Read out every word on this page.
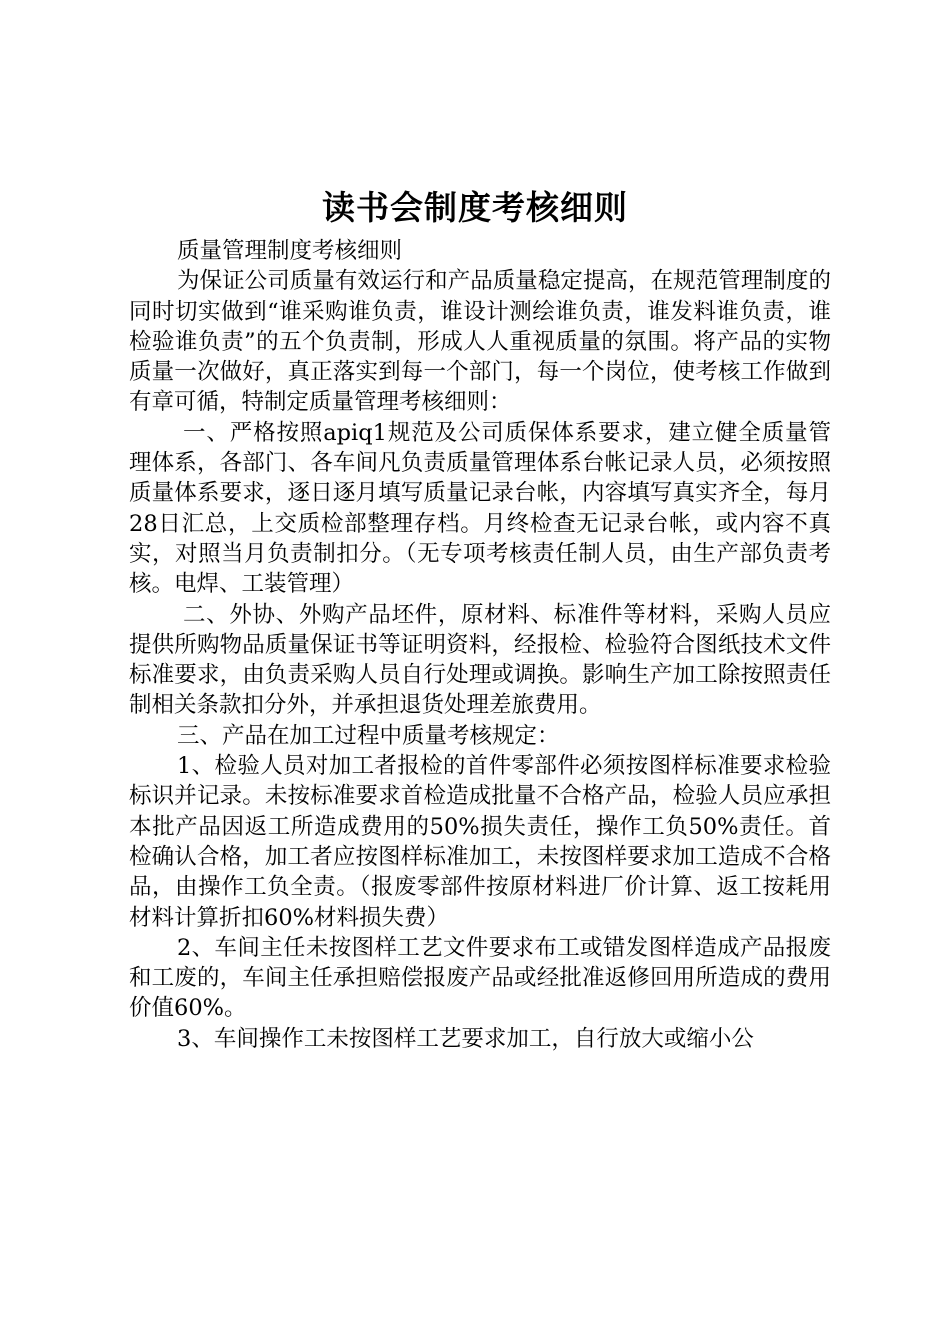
读书会制度考核细则

质量管理制度考核细则

为保证公司质量有效运行和产品质量稳定提高，在规范管理制度的同时切实做到“谁采购谁负责，谁设计测绘谁负责，谁发料谁负责，谁检验谁负责”的五个负责制，形成人人重视质量的氛围。将产品的实物质量一次做好，真正落实到每一个部门，每一个岗位，使考核工作做到有章可循，特制定质量管理考核细则：

一、严格按照apiq1规范及公司质保体系要求，建立健全质量管理体系，各部门、各车间凡负责质量管理体系台帐记录人员，必须按照质量体系要求，逐日逐月填写质量记录台帐，内容填写真实齐全，每月28日汇总，上交质检部整理存档。月终检查无记录台帐，或内容不真实，对照当月负责制扣分。（无专项考核责任制人员，由生产部负责考核。电焊、工装管理）

二、外协、外购产品坯件，原材料、标准件等材料，采购人员应提供所购物品质量保证书等证明资料，经报检、检验符合图纸技术文件标准要求，由负责采购人员自行处理或调换。影响生产加工除按照责任制相关条款扣分外，并承担退货处理差旅费用。

三、产品在加工过程中质量考核规定：

1、检验人员对加工者报检的首件零部件必须按图样标准要求检验标识并记录。未按标准要求首检造成批量不合格产品，检验人员应承担本批产品因返工所造成费用的50%损失责任，操作工负50%责任。首检确认合格，加工者应按图样标准加工，未按图样要求加工造成不合格品，由操作工负全责。（报废零部件按原材料进厂价计算、返工按耗用材料计算折扣60%材料损失费）

2、车间主任未按图样工艺文件要求布工或错发图样造成产品报废和工废的，车间主任承担赔偿报废产品或经批准返修回用所造成的费用价值60%。

3、车间操作工未按图样工艺要求加工，自行放大或缩小公
